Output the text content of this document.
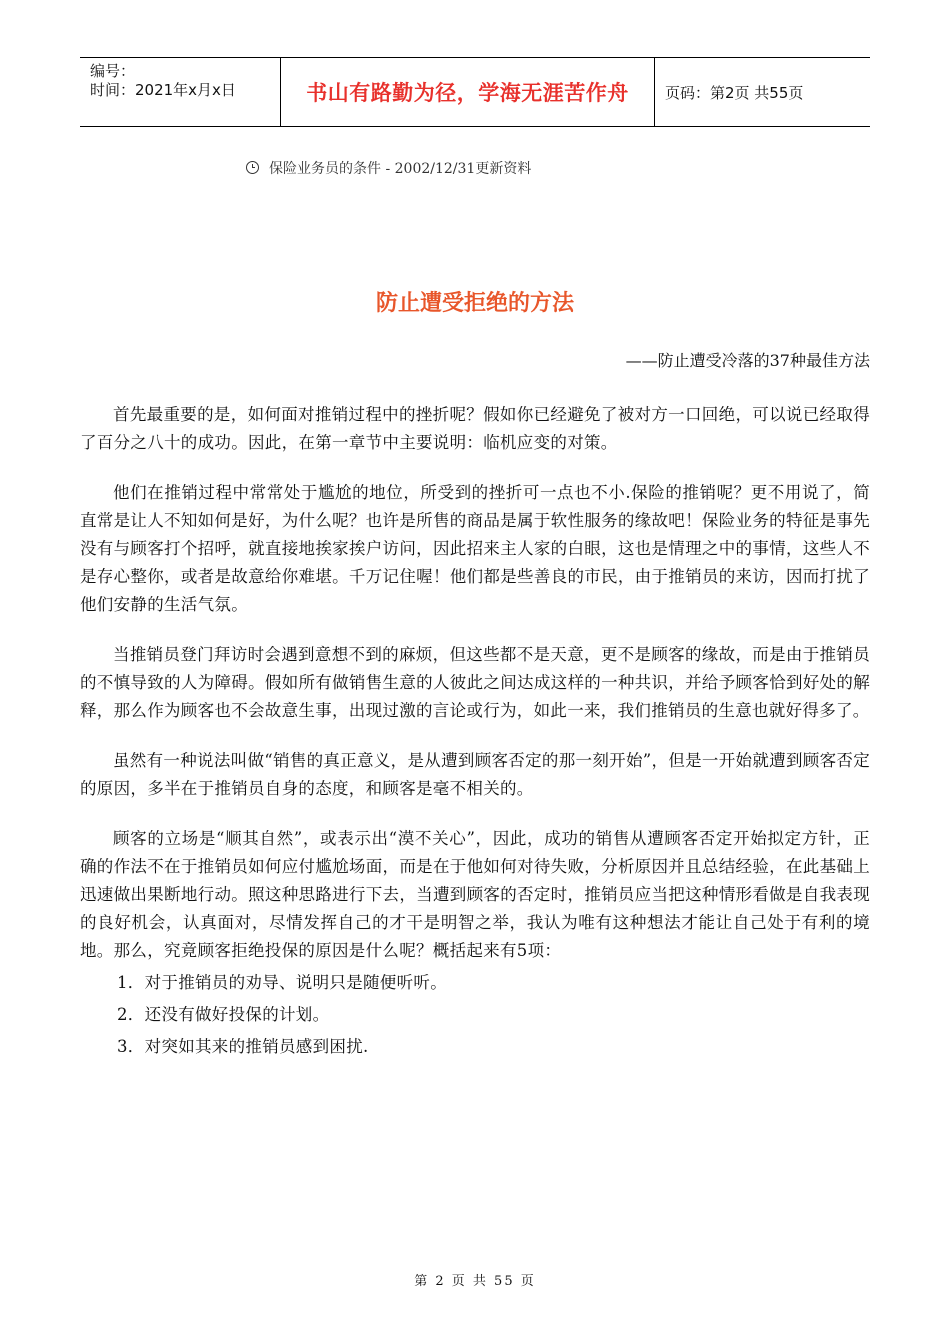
编号：
时间：2021年x月x日	书山有路勤为径，学海无涯苦作舟	页码：第2页 共55页
保险业务员的条件 - 2002/12/31更新资料
防止遭受拒绝的方法
——防止遭受冷落的37种最佳方法

首先最重要的是，如何面对推销过程中的挫折呢？假如你已经避免了被对方一口回绝，可以说已经取得了百分之八十的成功。因此，在第一章节中主要说明：临机应变的对策。

他们在推销过程中常常处于尴尬的地位，所受到的挫折可一点也不小.保险的推销呢？更不用说了，简直常是让人不知如何是好，为什么呢？也许是所售的商品是属于软性服务的缘故吧！保险业务的特征是事先没有与顾客打个招呼，就直接地挨家挨户访问，因此招来主人家的白眼，这也是情理之中的事情，这些人不是存心整你，或者是故意给你难堪。千万记住喔！他们都是些善良的市民，由于推销员的来访，因而打扰了他们安静的生活气氛。

当推销员登门拜访时会遇到意想不到的麻烦，但这些都不是天意，更不是顾客的缘故，而是由于推销员的不慎导致的人为障碍。假如所有做销售生意的人彼此之间达成这样的一种共识，并给予顾客恰到好处的解释，那么作为顾客也不会故意生事，出现过激的言论或行为，如此一来，我们推销员的生意也就好得多了。

虽然有一种说法叫做“销售的真正意义，是从遭到顾客否定的那一刻开始”，但是一开始就遭到顾客否定的原因，多半在于推销员自身的态度，和顾客是毫不相关的。

顾客的立场是“顺其自然”，或表示出“漠不关心”，因此，成功的销售从遭顾客否定开始拟定方针，正确的作法不在于推销员如何应付尴尬场面，而是在于他如何对待失败，分析原因并且总结经验，在此基础上迅速做出果断地行动。照这种思路进行下去，当遭到顾客的否定时，推销员应当把这种情形看做是自我表现的良好机会，认真面对，尽情发挥自己的才干是明智之举，我认为唯有这种想法才能让自己处于有利的境地。那么，究竟顾客拒绝投保的原因是什么呢？概括起来有5项：

1．对于推销员的劝导、说明只是随便听听。
2．还没有做好投保的计划。
3．对突如其来的推销员感到困扰.
第 2 页 共 55 页
